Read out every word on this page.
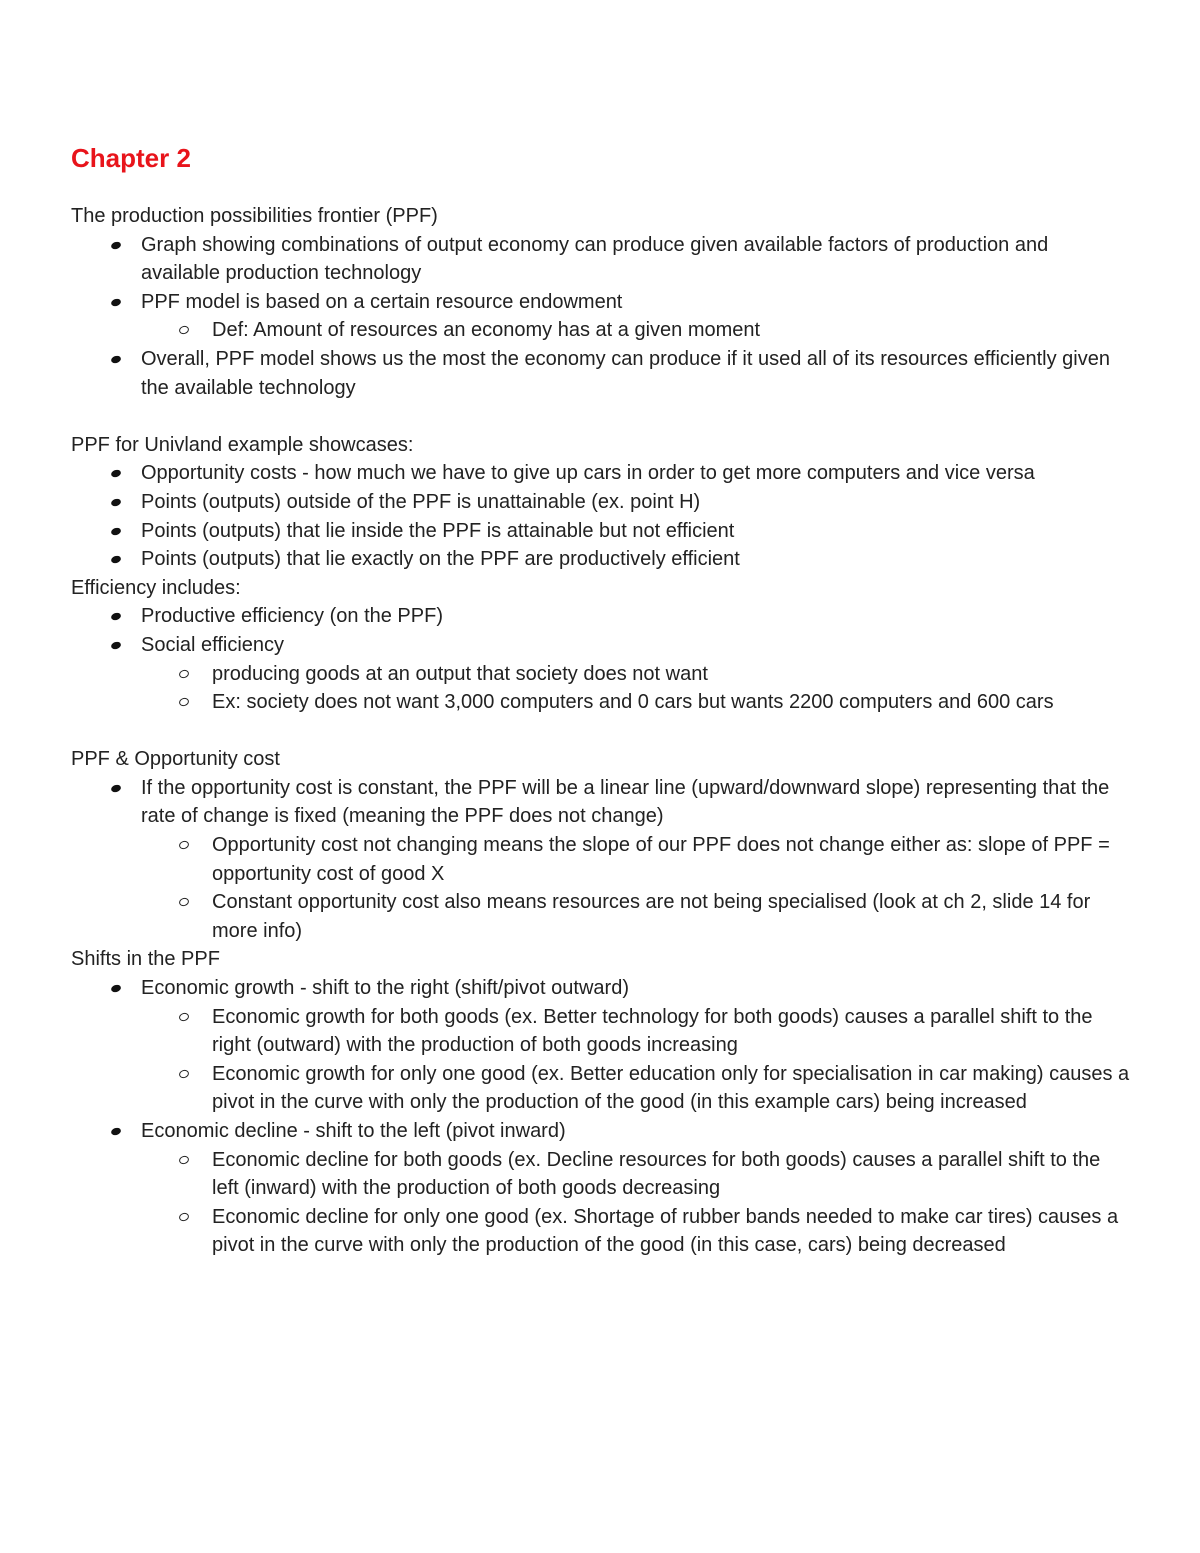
Chapter 2

The production possibilities frontier (PPF)

Graph showing combinations of output economy can produce given available factors of production and available production technology
PPF model is based on a certain resource endowment
Def: Amount of resources an economy has at a given moment
Overall, PPF model shows us the most the economy can produce if it used all of its resources efficiently given the available technology

PPF for Univland example showcases:

Opportunity costs - how much we have to give up cars in order to get more computers and vice versa
Points (outputs) outside of the PPF is unattainable (ex. point H)
Points (outputs) that lie inside the PPF is attainable but not efficient
Points (outputs) that lie exactly on the PPF are productively efficient

Efficiency includes:

Productive efficiency (on the PPF)
Social efficiency
producing goods at an output that society does not want
Ex: society does not want 3,000 computers and 0 cars but wants 2200 computers and 600 cars

PPF & Opportunity cost

If the opportunity cost is constant, the PPF will be a linear line (upward/downward slope) representing that the rate of change is fixed (meaning the PPF does not change)
Opportunity cost not changing means the slope of our PPF does not change either as: slope of PPF = opportunity cost of good X
Constant opportunity cost also means resources are not being specialised (look at ch 2, slide 14 for more info)

Shifts in the PPF

Economic growth - shift to the right (shift/pivot outward)
Economic growth for both goods (ex. Better technology for both goods) causes a parallel shift to the right (outward) with the production of both goods increasing
Economic growth for only one good (ex. Better education only for specialisation in car making) causes a pivot in the curve with only the production of the good (in this example cars) being increased
Economic decline - shift to the left (pivot inward)
Economic decline for both goods (ex. Decline resources for both goods) causes a parallel shift to the left (inward) with the production of both goods decreasing
Economic decline for only one good (ex. Shortage of rubber bands needed to make car tires) causes a pivot in the curve with only the production of the good (in this case, cars) being decreased
